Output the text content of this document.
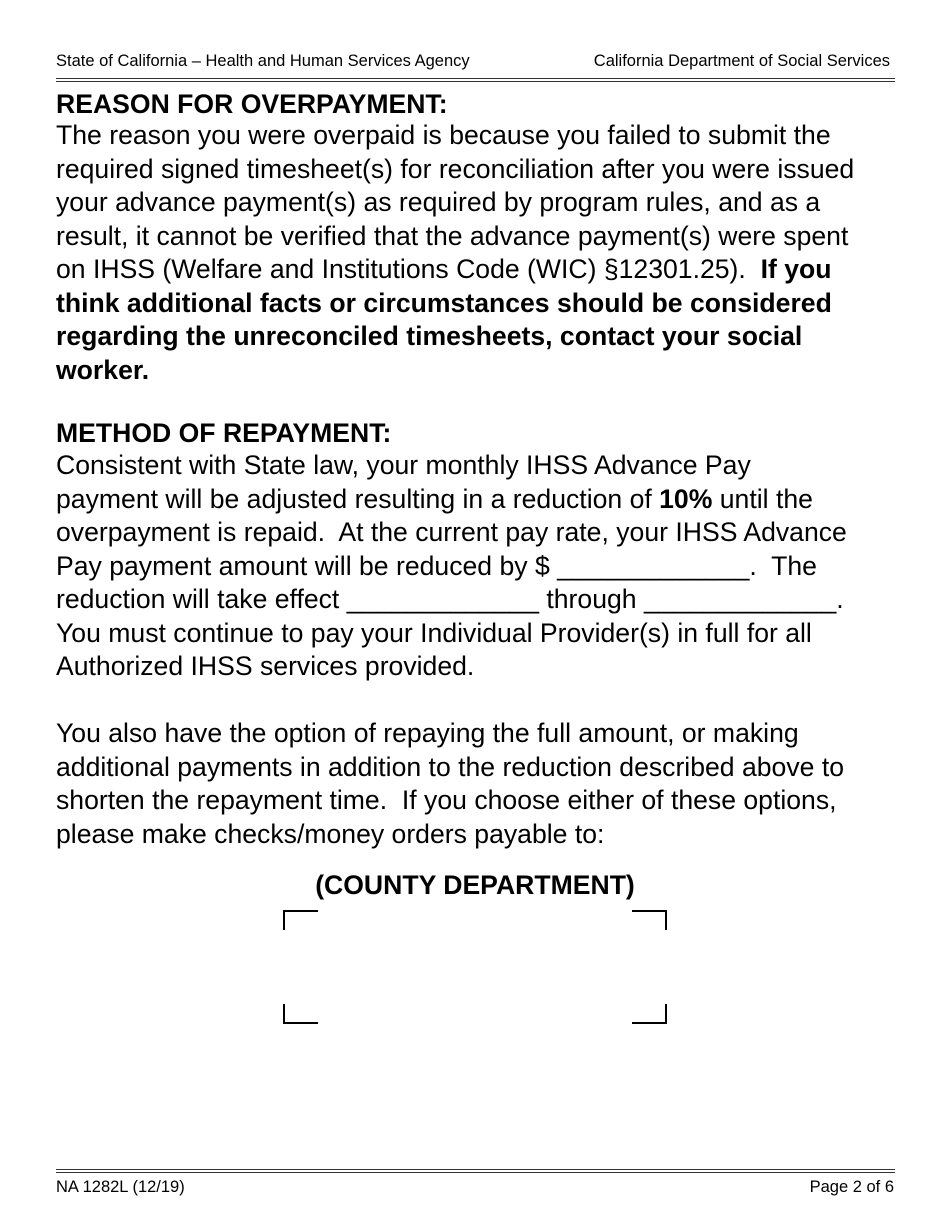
State of California – Health and Human Services Agency	California Department of Social Services
REASON FOR OVERPAYMENT:
The reason you were overpaid is because you failed to submit the
required signed timesheet(s) for reconciliation after you were issued
your advance payment(s) as required by program rules, and as a
result, it cannot be verified that the advance payment(s) were spent
on IHSS (Welfare and Institutions Code (WIC) §12301.25).  If you
think additional facts or circumstances should be considered
regarding the unreconciled timesheets, contact your social
worker.
METHOD OF REPAYMENT:
Consistent with State law, your monthly IHSS Advance Pay
payment will be adjusted resulting in a reduction of 10% until the
overpayment is repaid.  At the current pay rate, your IHSS Advance
Pay payment amount will be reduced by $ _____________.  The
reduction will take effect _____________ through _____________.
You must continue to pay your Individual Provider(s) in full for all
Authorized IHSS services provided.
You also have the option of repaying the full amount, or making
additional payments in addition to the reduction described above to
shorten the repayment time.  If you choose either of these options,
please make checks/money orders payable to:
(COUNTY DEPARTMENT)
NA 1282L (12/19)	Page 2 of 6
